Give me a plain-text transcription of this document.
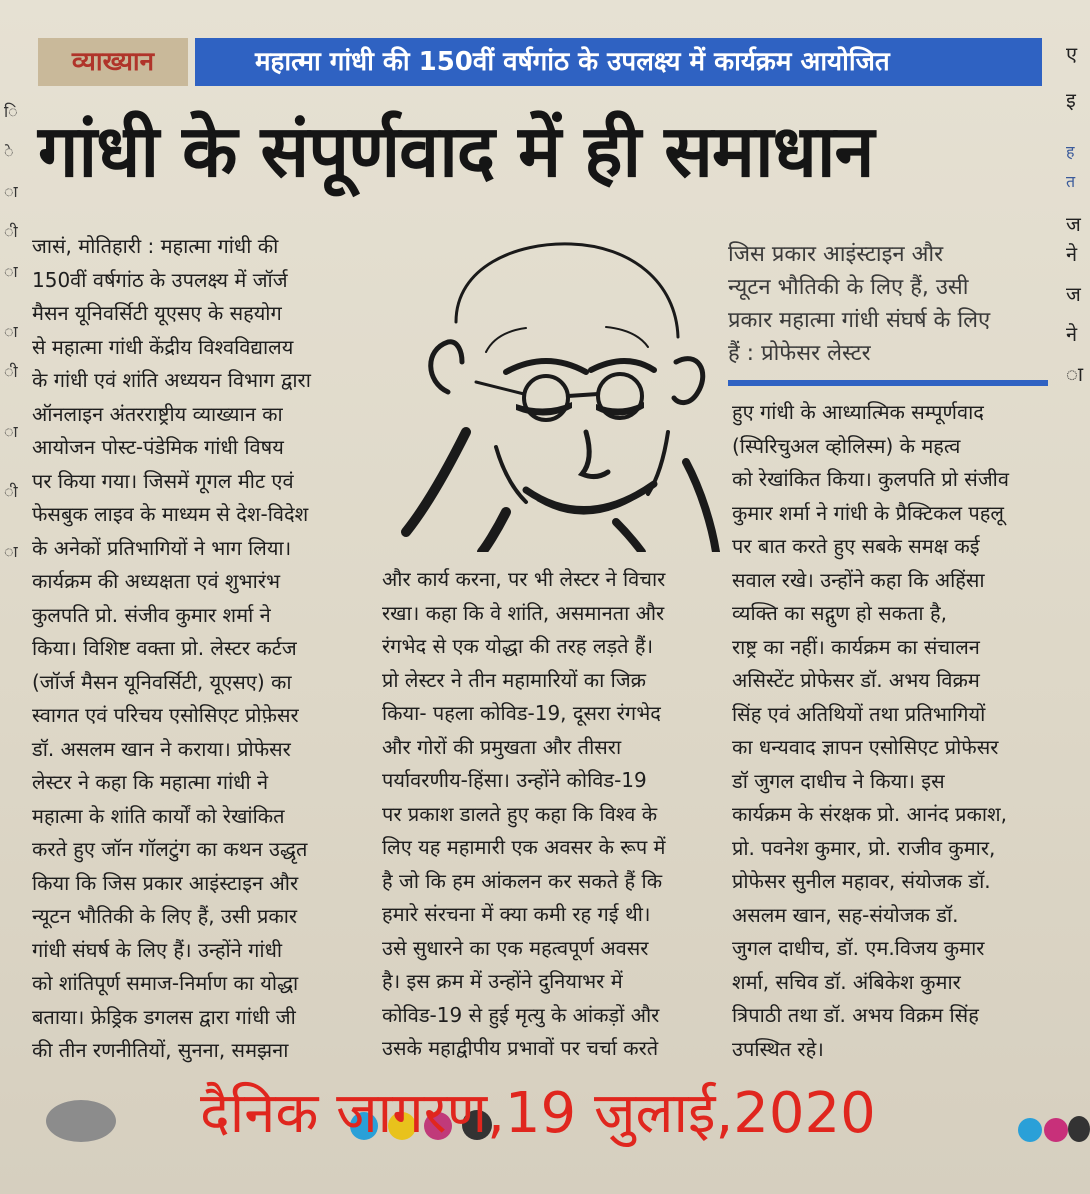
ि
े
ा
ी
ा
ा
ी
ा
ी
ा
ए
इ
ह
त
ज
ने
ज
ने
ा
व्याख्यान	महात्मा गांधी की 150वीं वर्षगांठ के उपलक्ष्य में कार्यक्रम आयोजित
गांधी के संपूर्णवाद में ही समाधान

जासं, मोतिहारी : महात्मा गांधी की

150वीं वर्षगांठ के उपलक्ष्य में जॉर्ज

मैसन यूनिवर्सिटी यूएसए के सहयोग

से महात्मा गांधी केंद्रीय विश्वविद्यालय

के गांधी एवं शांति अध्ययन विभाग द्वारा

ऑनलाइन अंतरराष्ट्रीय व्याख्यान का

आयोजन पोस्ट-पंडेमिक गांधी विषय

पर किया गया। जिसमें गूगल मीट एवं

फेसबुक लाइव के माध्यम से देश-विदेश

के अनेकों प्रतिभागियों ने भाग लिया।

कार्यक्रम की अध्यक्षता एवं शुभारंभ

कुलपति प्रो. संजीव कुमार शर्मा ने

किया। विशिष्ट वक्ता प्रो. लेस्टर कर्टज

(जॉर्ज मैसन यूनिवर्सिटी, यूएसए) का

स्वागत एवं परिचय एसोसिएट प्रोफ़ेसर

डॉ. असलम खान ने कराया। प्रोफेसर

लेस्टर ने कहा कि महात्मा गांधी ने

महात्मा के शांति कार्यों को रेखांकित

करते हुए जॉन गॉलटुंग का कथन उद्धृत

किया कि जिस प्रकार आइंस्टाइन और

न्यूटन भौतिकी के लिए हैं, उसी प्रकार

गांधी संघर्ष के लिए हैं। उन्होंने गांधी

को शांतिपूर्ण समाज-निर्माण का योद्धा

बताया। फ्रेड्रिक डगलस द्वारा गांधी जी

की तीन रणनीतियों, सुनना, समझना

जिस प्रकार आइंस्टाइन और

न्यूटन भौतिकी के लिए हैं, उसी

प्रकार महात्मा गांधी संघर्ष के लिए

हैं : प्रोफेसर लेस्टर

और कार्य करना, पर भी लेस्टर ने विचार

रखा। कहा कि वे शांति, असमानता और

रंगभेद से एक योद्धा की तरह लड़ते हैं।

प्रो लेस्टर ने तीन महामारियों का जिक्र

किया- पहला कोविड-19, दूसरा रंगभेद

और गोरों की प्रमुखता और तीसरा

पर्यावरणीय-हिंसा। उन्होंने कोविड-19

पर प्रकाश डालते हुए कहा कि विश्व के

लिए यह महामारी एक अवसर के रूप में

है जो कि हम आंकलन कर सकते हैं कि

हमारे संरचना में क्या कमी रह गई थी।

उसे सुधारने का एक महत्वपूर्ण अवसर

है। इस क्रम में उन्होंने दुनियाभर में

कोविड-19 से हुई मृत्यु के आंकड़ों और

उसके महाद्वीपीय प्रभावों पर चर्चा करते

हुए गांधी के आध्यात्मिक सम्पूर्णवाद

(स्पिरिचुअल व्होलिस्म) के महत्व

को रेखांकित किया। कुलपति प्रो संजीव

कुमार शर्मा ने गांधी के प्रैक्टिकल पहलू

पर बात करते हुए सबके समक्ष कई

सवाल रखे। उन्होंने कहा कि अहिंसा

व्यक्ति का सद्गुण हो सकता है,

राष्ट्र का नहीं। कार्यक्रम का संचालन

असिस्टेंट प्रोफेसर डॉ. अभय विक्रम

सिंह एवं अतिथियों तथा प्रतिभागियों

का धन्यवाद ज्ञापन एसोसिएट प्रोफेसर

डॉ जुगल दाधीच ने किया। इस

कार्यक्रम के संरक्षक प्रो. आनंद प्रकाश,

प्रो. पवनेश कुमार, प्रो. राजीव कुमार,

प्रोफेसर सुनील महावर, संयोजक डॉ.

असलम खान, सह-संयोजक डॉ.

जुगल दाधीच, डॉ. एम.विजय कुमार

शर्मा, सचिव डॉ. अंबिकेश कुमार

त्रिपाठी तथा डॉ. अभय विक्रम सिंह

उपस्थित रहे।

दैनिक जागरण,19 जुलाई,2020
